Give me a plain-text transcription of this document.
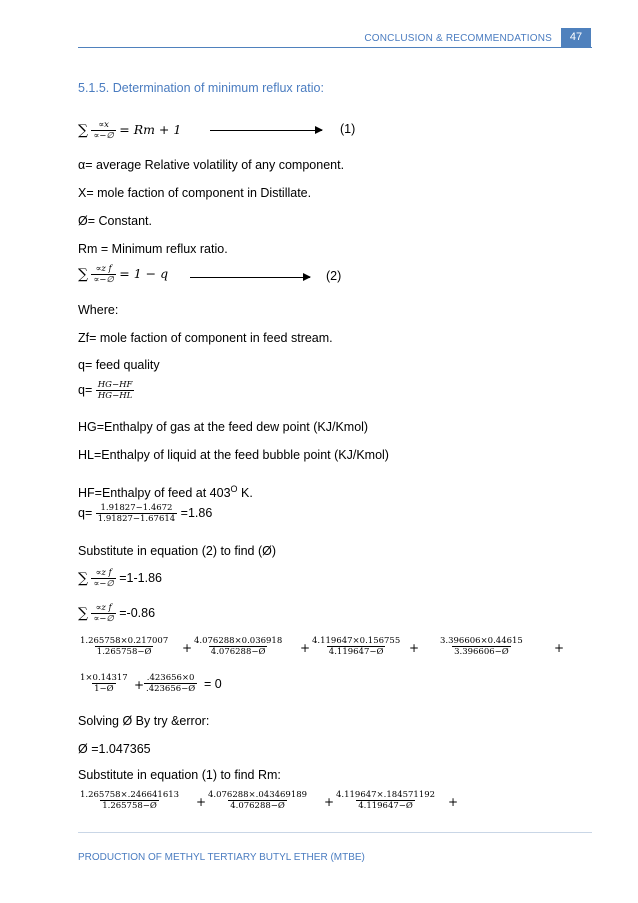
CONCLUSION & RECOMMENDATIONS	47
5.1.5. Determination of minimum reflux ratio:
∑ $\frac{\propto x}{\propto-\emptyset} = Rm + 1$	(1)
α= average Relative volatility of any component.
X= mole faction of component in Distillate.
Ø= Constant.
Rm = Minimum reflux ratio.
∑ $\frac{\text{∝z f}}{\propto-\emptyset} = 1 - q$	(2)
Where:
Zf= mole faction of component in feed stream.
q= feed quality
$q= \frac{HG-HF}{HG-HL}$
HG=Enthalpy of gas at the feed dew point (KJ/Kmol)
HL=Enthalpy of liquid at the feed bubble point (KJ/Kmol)
HF=Enthalpy of feed at $403^O$ K.
$q= \frac{1.91827-1.4672}{1.91827-1.67614} =1.86$
Substitute in equation (2) to find (Ø)
∑ $\frac{\text{∝z f}}{\propto-\emptyset} =1-1.86$
∑ $\frac{\text{∝z f}}{\propto-\emptyset} =-0.86$
$\frac{1.265758\times 0.217007}{1.265758-Ø} + \frac{4.076288\times 0.036918}{4.076288-Ø} + \frac{4.119647\times 0.156755}{4.119647-Ø} + \frac{3.396606\times 0.44615}{3.396606-Ø}$ +
$\frac{1\times 0.14317}{1-Ø} + \frac{.423656\times 0}{.423656-Ø} = 0$
Solving Ø By try &error:
Ø =1.047365
Substitute in equation (1) to find Rm:
$\frac{1.265758\times.246641613}{1.265758-Ø} + \frac{4.076288\times.043469189}{4.076288-Ø} + \frac{4.119647\times.184571192}{4.119647-Ø}$ +
PRODUCTION OF METHYL TERTIARY BUTYL ETHER (MTBE)
